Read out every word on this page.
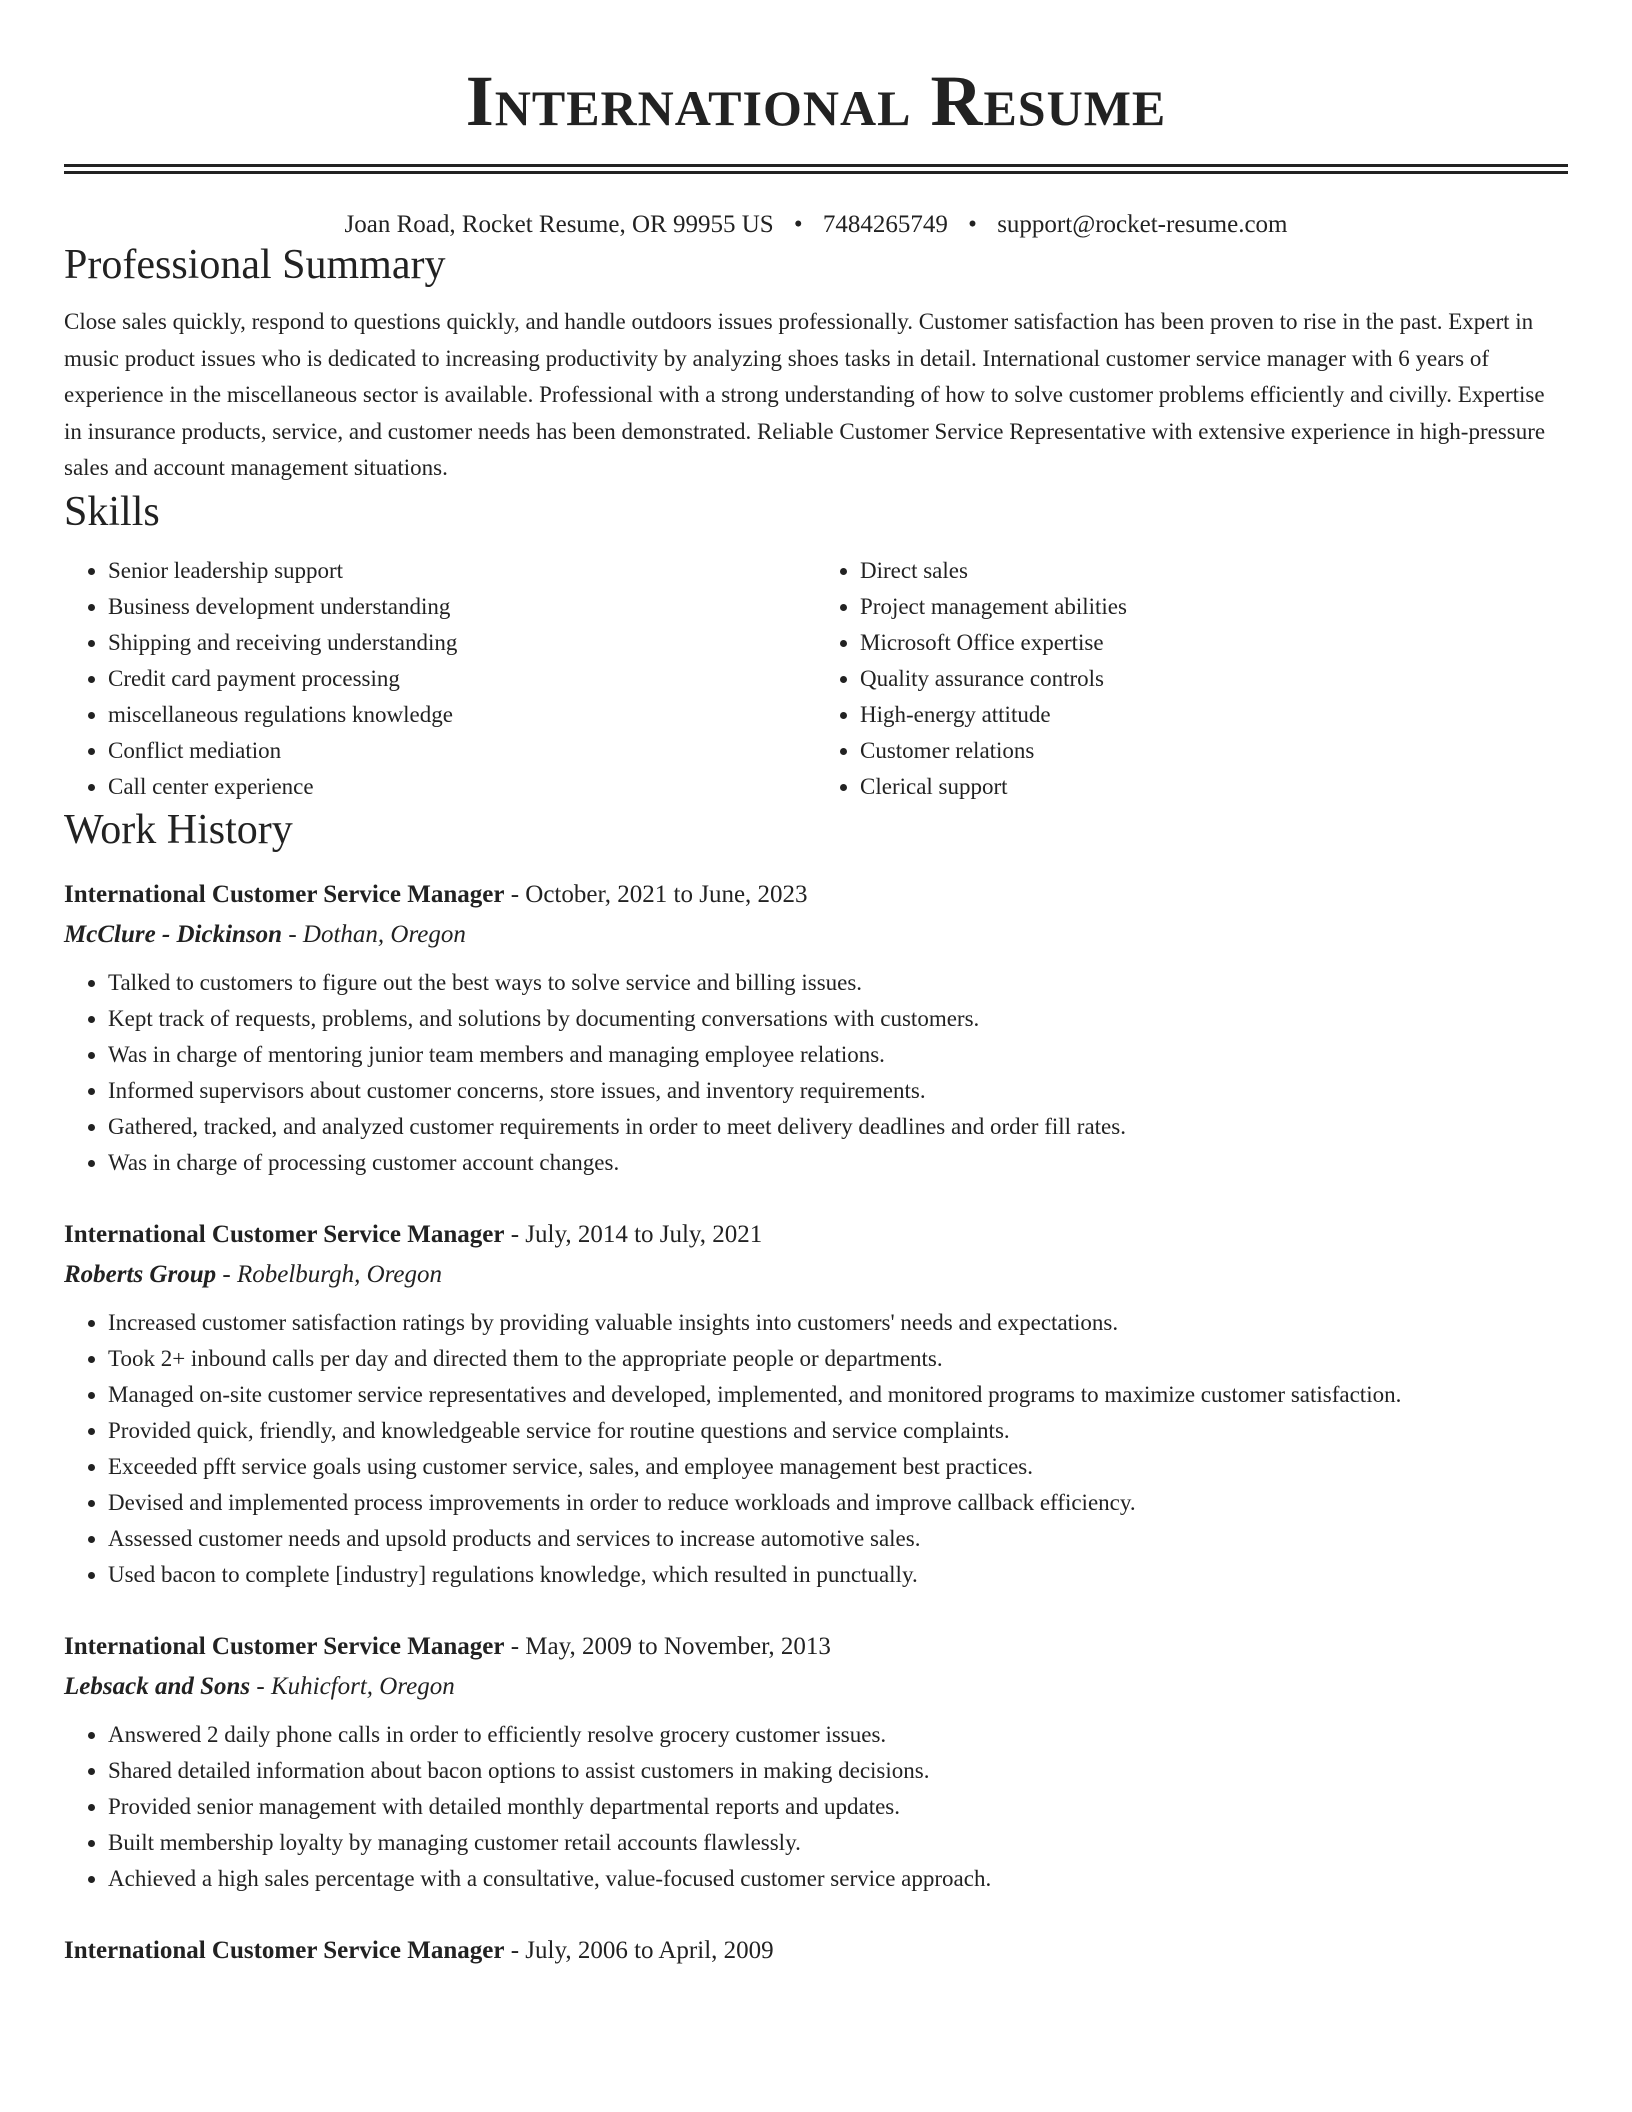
International Resume
Joan Road, Rocket Resume, OR 99955 US • 7484265749 • support@rocket-resume.com
Professional Summary
Close sales quickly, respond to questions quickly, and handle outdoors issues professionally. Customer satisfaction has been proven to rise in the past. Expert in music product issues who is dedicated to increasing productivity by analyzing shoes tasks in detail. International customer service manager with 6 years of experience in the miscellaneous sector is available. Professional with a strong understanding of how to solve customer problems efficiently and civilly. Expertise in insurance products, service, and customer needs has been demonstrated. Reliable Customer Service Representative with extensive experience in high-pressure sales and account management situations.
Skills
• Senior leadership support
• Business development understanding
• Shipping and receiving understanding
• Credit card payment processing
• miscellaneous regulations knowledge
• Conflict mediation
• Call center experience
• Direct sales
• Project management abilities
• Microsoft Office expertise
• Quality assurance controls
• High-energy attitude
• Customer relations
• Clerical support
Work History
International Customer Service Manager - October, 2021 to June, 2023
McClure - Dickinson - Dothan, Oregon
• Talked to customers to figure out the best ways to solve service and billing issues.
• Kept track of requests, problems, and solutions by documenting conversations with customers.
• Was in charge of mentoring junior team members and managing employee relations.
• Informed supervisors about customer concerns, store issues, and inventory requirements.
• Gathered, tracked, and analyzed customer requirements in order to meet delivery deadlines and order fill rates.
• Was in charge of processing customer account changes.
International Customer Service Manager - July, 2014 to July, 2021
Roberts Group - Robelburgh, Oregon
• Increased customer satisfaction ratings by providing valuable insights into customers' needs and expectations.
• Took 2+ inbound calls per day and directed them to the appropriate people or departments.
• Managed on-site customer service representatives and developed, implemented, and monitored programs to maximize customer satisfaction.
• Provided quick, friendly, and knowledgeable service for routine questions and service complaints.
• Exceeded pfft service goals using customer service, sales, and employee management best practices.
• Devised and implemented process improvements in order to reduce workloads and improve callback efficiency.
• Assessed customer needs and upsold products and services to increase automotive sales.
• Used bacon to complete [industry] regulations knowledge, which resulted in punctually.
International Customer Service Manager - May, 2009 to November, 2013
Lebsack and Sons - Kuhicfort, Oregon
• Answered 2 daily phone calls in order to efficiently resolve grocery customer issues.
• Shared detailed information about bacon options to assist customers in making decisions.
• Provided senior management with detailed monthly departmental reports and updates.
• Built membership loyalty by managing customer retail accounts flawlessly.
• Achieved a high sales percentage with a consultative, value-focused customer service approach.
International Customer Service Manager - July, 2006 to April, 2009
